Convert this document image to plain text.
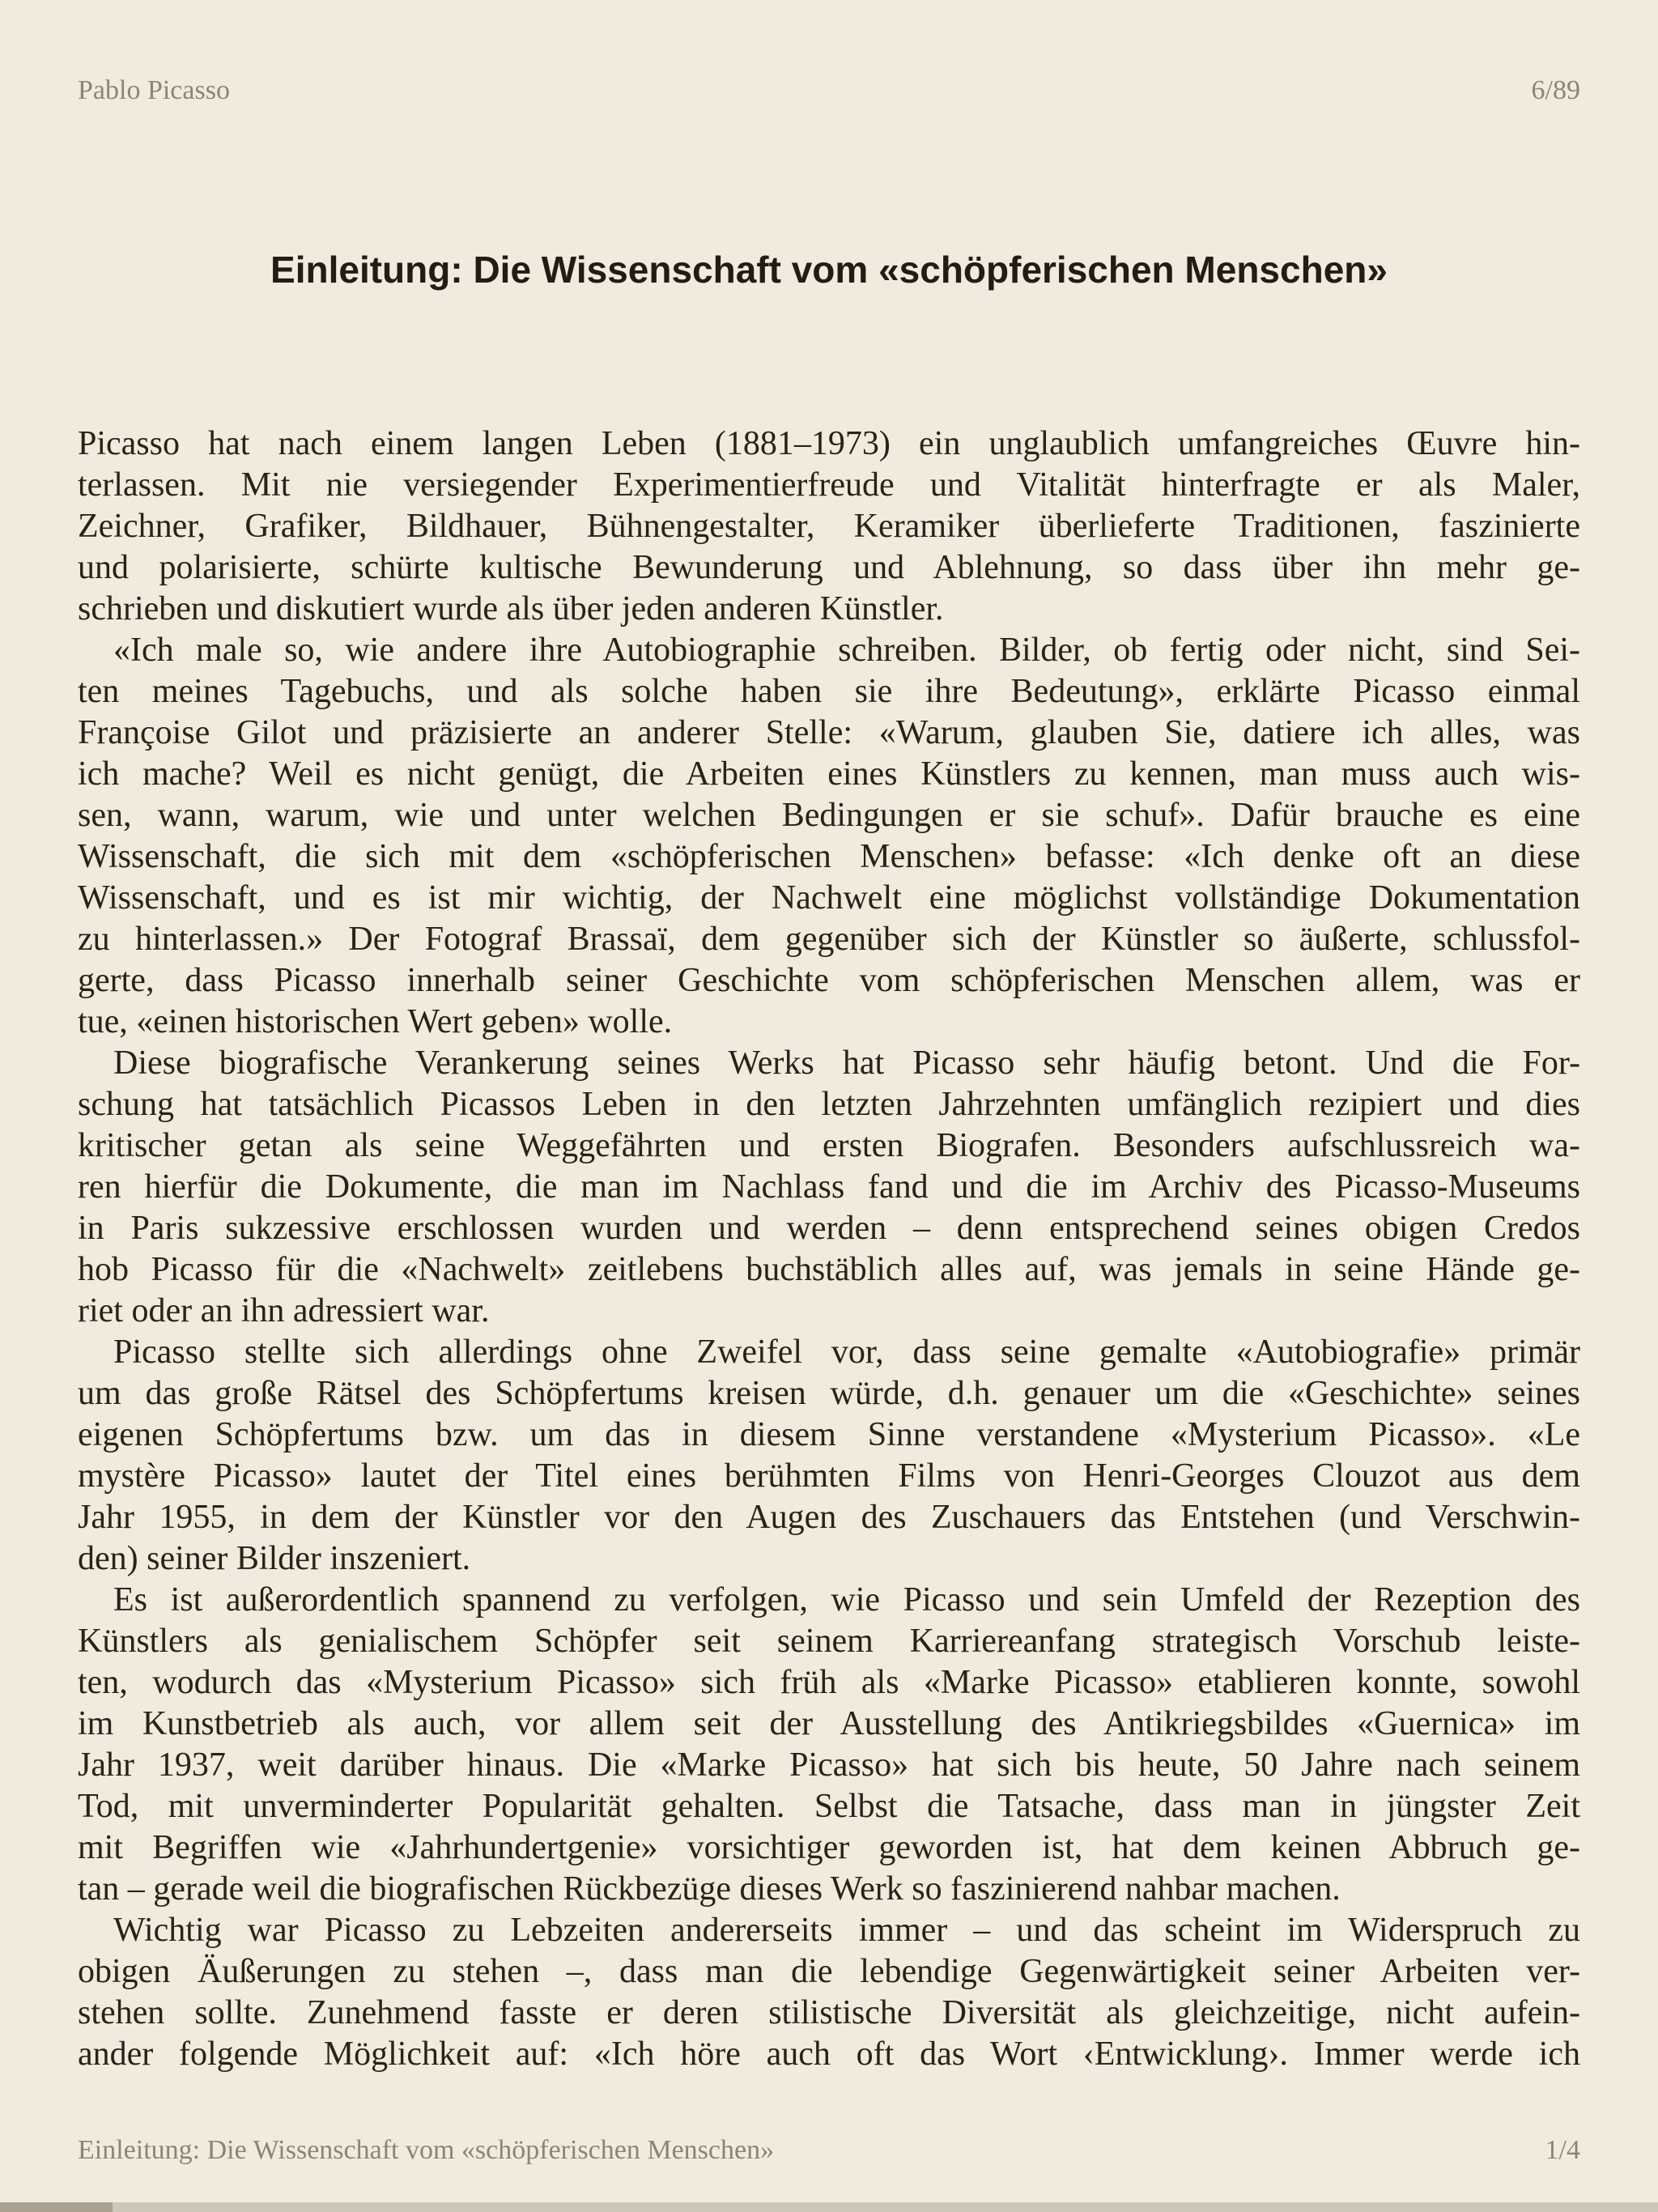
Pablo Picasso	6/89
Einleitung: Die Wissenschaft vom «schöpferischen Menschen»
Picasso hat nach einem langen Leben (1881–1973) ein unglaublich umfangreiches Œuvre hin-
terlassen. Mit nie versiegender Experimentierfreude und Vitalität hinterfragte er als Maler,
Zeichner, Grafiker, Bildhauer, Bühnengestalter, Keramiker überlieferte Traditionen, faszinierte
und polarisierte, schürte kultische Bewunderung und Ablehnung, so dass über ihn mehr ge-
schrieben und diskutiert wurde als über jeden anderen Künstler.
«Ich male so, wie andere ihre Autobiographie schreiben. Bilder, ob fertig oder nicht, sind Sei-
ten meines Tagebuchs, und als solche haben sie ihre Bedeutung», erklärte Picasso einmal
Françoise Gilot und präzisierte an anderer Stelle: «Warum, glauben Sie, datiere ich alles, was
ich mache? Weil es nicht genügt, die Arbeiten eines Künstlers zu kennen, man muss auch wis-
sen, wann, warum, wie und unter welchen Bedingungen er sie schuf». Dafür brauche es eine
Wissenschaft, die sich mit dem «schöpferischen Menschen» befasse: «Ich denke oft an diese
Wissenschaft, und es ist mir wichtig, der Nachwelt eine möglichst vollständige Dokumentation
zu hinterlassen.» Der Fotograf Brassaï, dem gegenüber sich der Künstler so äußerte, schlussfol-
gerte, dass Picasso innerhalb seiner Geschichte vom schöpferischen Menschen allem, was er
tue, «einen historischen Wert geben» wolle.
Diese biografische Verankerung seines Werks hat Picasso sehr häufig betont. Und die For-
schung hat tatsächlich Picassos Leben in den letzten Jahrzehnten umfänglich rezipiert und dies
kritischer getan als seine Weggefährten und ersten Biografen. Besonders aufschlussreich wa-
ren hierfür die Dokumente, die man im Nachlass fand und die im Archiv des Picasso-Museums
in Paris sukzessive erschlossen wurden und werden – denn entsprechend seines obigen Credos
hob Picasso für die «Nachwelt» zeitlebens buchstäblich alles auf, was jemals in seine Hände ge-
riet oder an ihn adressiert war.
Picasso stellte sich allerdings ohne Zweifel vor, dass seine gemalte «Autobiografie» primär
um das große Rätsel des Schöpfertums kreisen würde, d.h. genauer um die «Geschichte» seines
eigenen Schöpfertums bzw. um das in diesem Sinne verstandene «Mysterium Picasso». «Le
mystère Picasso» lautet der Titel eines berühmten Films von Henri-Georges Clouzot aus dem
Jahr 1955, in dem der Künstler vor den Augen des Zuschauers das Entstehen (und Verschwin-
den) seiner Bilder inszeniert.
Es ist außerordentlich spannend zu verfolgen, wie Picasso und sein Umfeld der Rezeption des
Künstlers als genialischem Schöpfer seit seinem Karriereanfang strategisch Vorschub leiste-
ten, wodurch das «Mysterium Picasso» sich früh als «Marke Picasso» etablieren konnte, sowohl
im Kunstbetrieb als auch, vor allem seit der Ausstellung des Antikriegsbildes «Guernica» im
Jahr 1937, weit darüber hinaus. Die «Marke Picasso» hat sich bis heute, 50 Jahre nach seinem
Tod, mit unverminderter Popularität gehalten. Selbst die Tatsache, dass man in jüngster Zeit
mit Begriffen wie «Jahrhundertgenie» vorsichtiger geworden ist, hat dem keinen Abbruch ge-
tan – gerade weil die biografischen Rückbezüge dieses Werk so faszinierend nahbar machen.
Wichtig war Picasso zu Lebzeiten andererseits immer – und das scheint im Widerspruch zu
obigen Äußerungen zu stehen –, dass man die lebendige Gegenwärtigkeit seiner Arbeiten ver-
stehen sollte. Zunehmend fasste er deren stilistische Diversität als gleichzeitige, nicht aufein-
ander folgende Möglichkeit auf: «Ich höre auch oft das Wort ‹Entwicklung›. Immer werde ich
Einleitung: Die Wissenschaft vom «schöpferischen Menschen»	1/4
